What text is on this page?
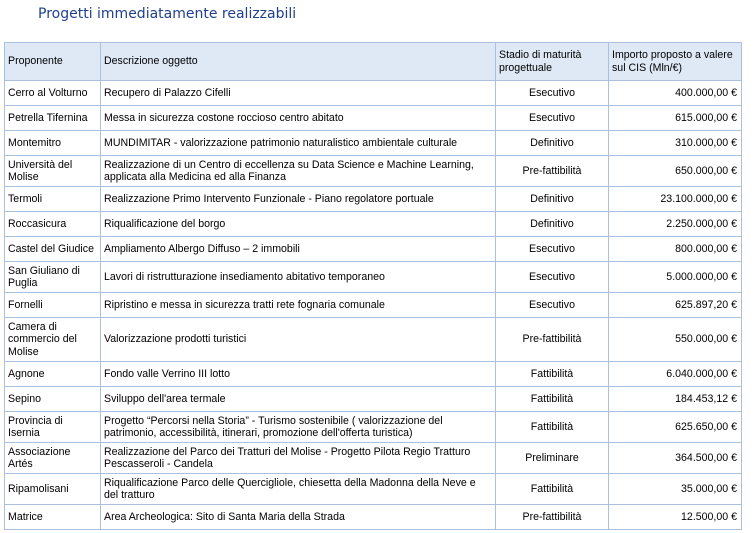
Progetti immediatamente realizzabili
Proponente	Descrizione oggetto	Stadio di maturità progettuale	Importo proposto a valere sul CIS (Mln/€)
Cerro al Volturno	Recupero di Palazzo Cifelli	Esecutivo	400.000,00 €
Petrella Tifernina	Messa in sicurezza costone roccioso centro abitato	Esecutivo	615.000,00 €
Montemitro	MUNDIMITAR - valorizzazione patrimonio naturalistico ambientale culturale	Definitivo	310.000,00 €
Università del Molise	Realizzazione di un Centro di eccellenza su Data Science e Machine Learning, applicata alla Medicina ed alla Finanza	Pre-fattibilità	650.000,00 €
Termoli	Realizzazione Primo Intervento Funzionale - Piano regolatore portuale	Definitivo	23.100.000,00 €
Roccasicura	Riqualificazione del borgo	Definitivo	2.250.000,00 €
Castel del Giudice	Ampliamento Albergo Diffuso – 2 immobili	Esecutivo	800.000,00 €
San Giuliano di Puglia	Lavori di ristrutturazione insediamento abitativo temporaneo	Esecutivo	5.000.000,00 €
Fornelli	Ripristino e messa in sicurezza tratti rete fognaria comunale	Esecutivo	625.897,20 €
Camera di commercio del Molise	Valorizzazione prodotti turistici	Pre-fattibilità	550.000,00 €
Agnone	Fondo valle Verrino III lotto	Fattibilità	6.040.000,00 €
Sepino	Sviluppo dell'area termale	Fattibilità	184.453,12 €
Provincia di Isernia	Progetto “Percorsi nella Storia” - Turismo sostenibile ( valorizzazione del patrimonio, accessibilità, itinerari, promozione dell'offerta turistica)	Fattibilità	625.650,00 €
Associazione Artés	Realizzazione del Parco dei Tratturi del Molise - Progetto Pilota Regio Tratturo Pescasseroli - Candela	Preliminare	364.500,00 €
Ripamolisani	Riqualificazione Parco delle Quercigliole, chiesetta della Madonna della Neve e del tratturo	Fattibilità	35.000,00 €
Matrice	Area Archeologica: Sito di Santa Maria della Strada	Pre-fattibilità	12.500,00 €
